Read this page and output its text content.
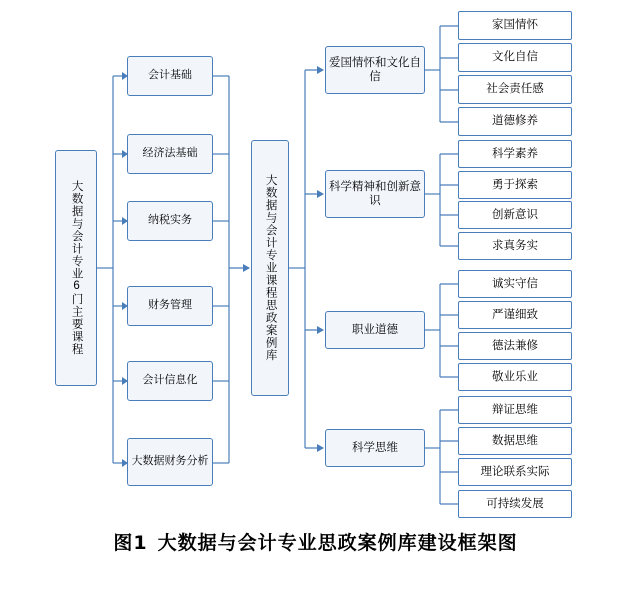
大数据与会计专业6门主要课程
会计基础
经济法基础
纳税实务
财务管理
会计信息化
大数据财务分析
大数据与会计专业课程思政案例库
爱国情怀和文化自信
科学精神和创新意识
职业道德
科学思维
家国情怀
文化自信
社会责任感
道德修养
科学素养
勇于探索
创新意识
求真务实
诚实守信
严谨细致
德法兼修
敬业乐业
辩证思维
数据思维
理论联系实际
可持续发展
图1 大数据与会计专业思政案例库建设框架图
